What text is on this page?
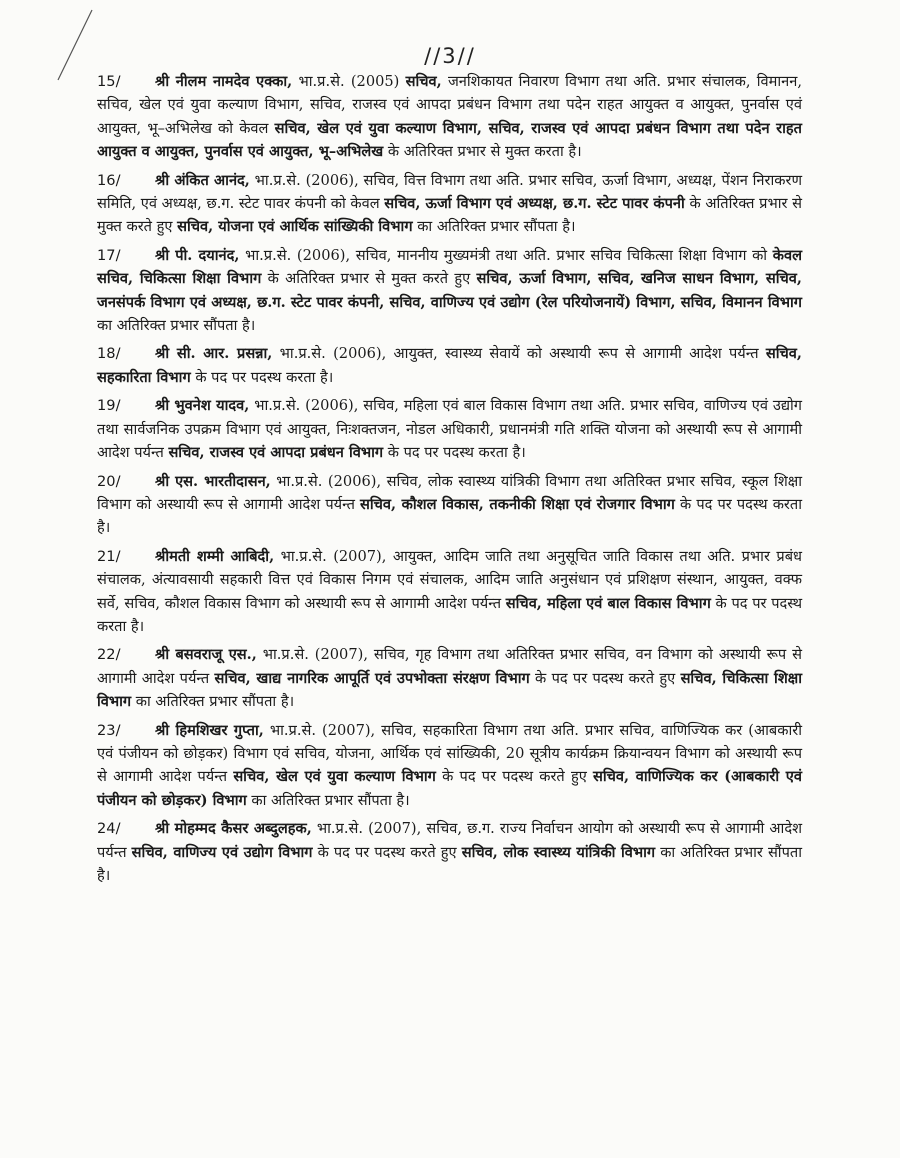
//3//

15/ श्री नीलम नामदेव एक्का, भा.प्र.से. (2005) सचिव, जनशिकायत निवारण विभाग तथा अति. प्रभार संचालक, विमानन, सचिव, खेल एवं युवा कल्याण विभाग, सचिव, राजस्व एवं आपदा प्रबंधन विभाग तथा पदेन राहत आयुक्त व आयुक्त, पुनर्वास एवं आयुक्त, भू–अभिलेख को केवल सचिव, खेल एवं युवा कल्याण विभाग, सचिव, राजस्व एवं आपदा प्रबंधन विभाग तथा पदेन राहत आयुक्त व आयुक्त, पुनर्वास एवं आयुक्त, भू–अभिलेख के अतिरिक्त प्रभार से मुक्त करता है।

16/ श्री अंकित आनंद, भा.प्र.से. (2006), सचिव, वित्त विभाग तथा अति. प्रभार सचिव, ऊर्जा विभाग, अध्यक्ष, पेंशन निराकरण समिति, एवं अध्यक्ष, छ.ग. स्टेट पावर कंपनी को केवल सचिव, ऊर्जा विभाग एवं अध्यक्ष, छ.ग. स्टेट पावर कंपनी के अतिरिक्त प्रभार से मुक्त करते हुए सचिव, योजना एवं आर्थिक सांख्यिकी विभाग का अतिरिक्त प्रभार सौंपता है।

17/ श्री पी. दयानंद, भा.प्र.से. (2006), सचिव, माननीय मुख्यमंत्री तथा अति. प्रभार सचिव चिकित्सा शिक्षा विभाग को केवल सचिव, चिकित्सा शिक्षा विभाग के अतिरिक्त प्रभार से मुक्त करते हुए सचिव, ऊर्जा विभाग, सचिव, खनिज साधन विभाग, सचिव, जनसंपर्क विभाग एवं अध्यक्ष, छ.ग. स्टेट पावर कंपनी, सचिव, वाणिज्य एवं उद्योग (रेल परियोजनायें) विभाग, सचिव, विमानन विभाग का अतिरिक्त प्रभार सौंपता है।

18/ श्री सी. आर. प्रसन्ना, भा.प्र.से. (2006), आयुक्त, स्वास्थ्य सेवायें को अस्थायी रूप से आगामी आदेश पर्यन्त सचिव, सहकारिता विभाग के पद पर पदस्थ करता है।

19/ श्री भुवनेश यादव, भा.प्र.से. (2006), सचिव, महिला एवं बाल विकास विभाग तथा अति. प्रभार सचिव, वाणिज्य एवं उद्योग तथा सार्वजनिक उपक्रम विभाग एवं आयुक्त, निःशक्तजन, नोडल अधिकारी, प्रधानमंत्री गति शक्ति योजना को अस्थायी रूप से आगामी आदेश पर्यन्त सचिव, राजस्व एवं आपदा प्रबंधन विभाग के पद पर पदस्थ करता है।

20/ श्री एस. भारतीदासन, भा.प्र.से. (2006), सचिव, लोक स्वास्थ्य यांत्रिकी विभाग तथा अतिरिक्त प्रभार सचिव, स्कूल शिक्षा विभाग को अस्थायी रूप से आगामी आदेश पर्यन्त सचिव, कौशल विकास, तकनीकी शिक्षा एवं रोजगार विभाग के पद पर पदस्थ करता है।

21/ श्रीमती शम्मी आबिदी, भा.प्र.से. (2007), आयुक्त, आदिम जाति तथा अनुसूचित जाति विकास तथा अति. प्रभार प्रबंध संचालक, अंत्यावसायी सहकारी वित्त एवं विकास निगम एवं संचालक, आदिम जाति अनुसंधान एवं प्रशिक्षण संस्थान, आयुक्त, वक्फ सर्वे, सचिव, कौशल विकास विभाग को अस्थायी रूप से आगामी आदेश पर्यन्त सचिव, महिला एवं बाल विकास विभाग के पद पर पदस्थ करता है।

22/ श्री बसवराजू एस., भा.प्र.से. (2007), सचिव, गृह विभाग तथा अतिरिक्त प्रभार सचिव, वन विभाग को अस्थायी रूप से आगामी आदेश पर्यन्त सचिव, खाद्य नागरिक आपूर्ति एवं उपभोक्ता संरक्षण विभाग के पद पर पदस्थ करते हुए सचिव, चिकित्सा शिक्षा विभाग का अतिरिक्त प्रभार सौंपता है।

23/ श्री हिमशिखर गुप्ता, भा.प्र.से. (2007), सचिव, सहकारिता विभाग तथा अति. प्रभार सचिव, वाणिज्यिक कर (आबकारी एवं पंजीयन को छोड़कर) विभाग एवं सचिव, योजना, आर्थिक एवं सांख्यिकी, 20 सूत्रीय कार्यक्रम क्रियान्वयन विभाग को अस्थायी रूप से आगामी आदेश पर्यन्त सचिव, खेल एवं युवा कल्याण विभाग के पद पर पदस्थ करते हुए सचिव, वाणिज्यिक कर (आबकारी एवं पंजीयन को छोड़कर) विभाग का अतिरिक्त प्रभार सौंपता है।

24/ श्री मोहम्मद कैसर अब्दुलहक, भा.प्र.से. (2007), सचिव, छ.ग. राज्य निर्वाचन आयोग को अस्थायी रूप से आगामी आदेश पर्यन्त सचिव, वाणिज्य एवं उद्योग विभाग के पद पर पदस्थ करते हुए सचिव, लोक स्वास्थ्य यांत्रिकी विभाग का अतिरिक्त प्रभार सौंपता है।
